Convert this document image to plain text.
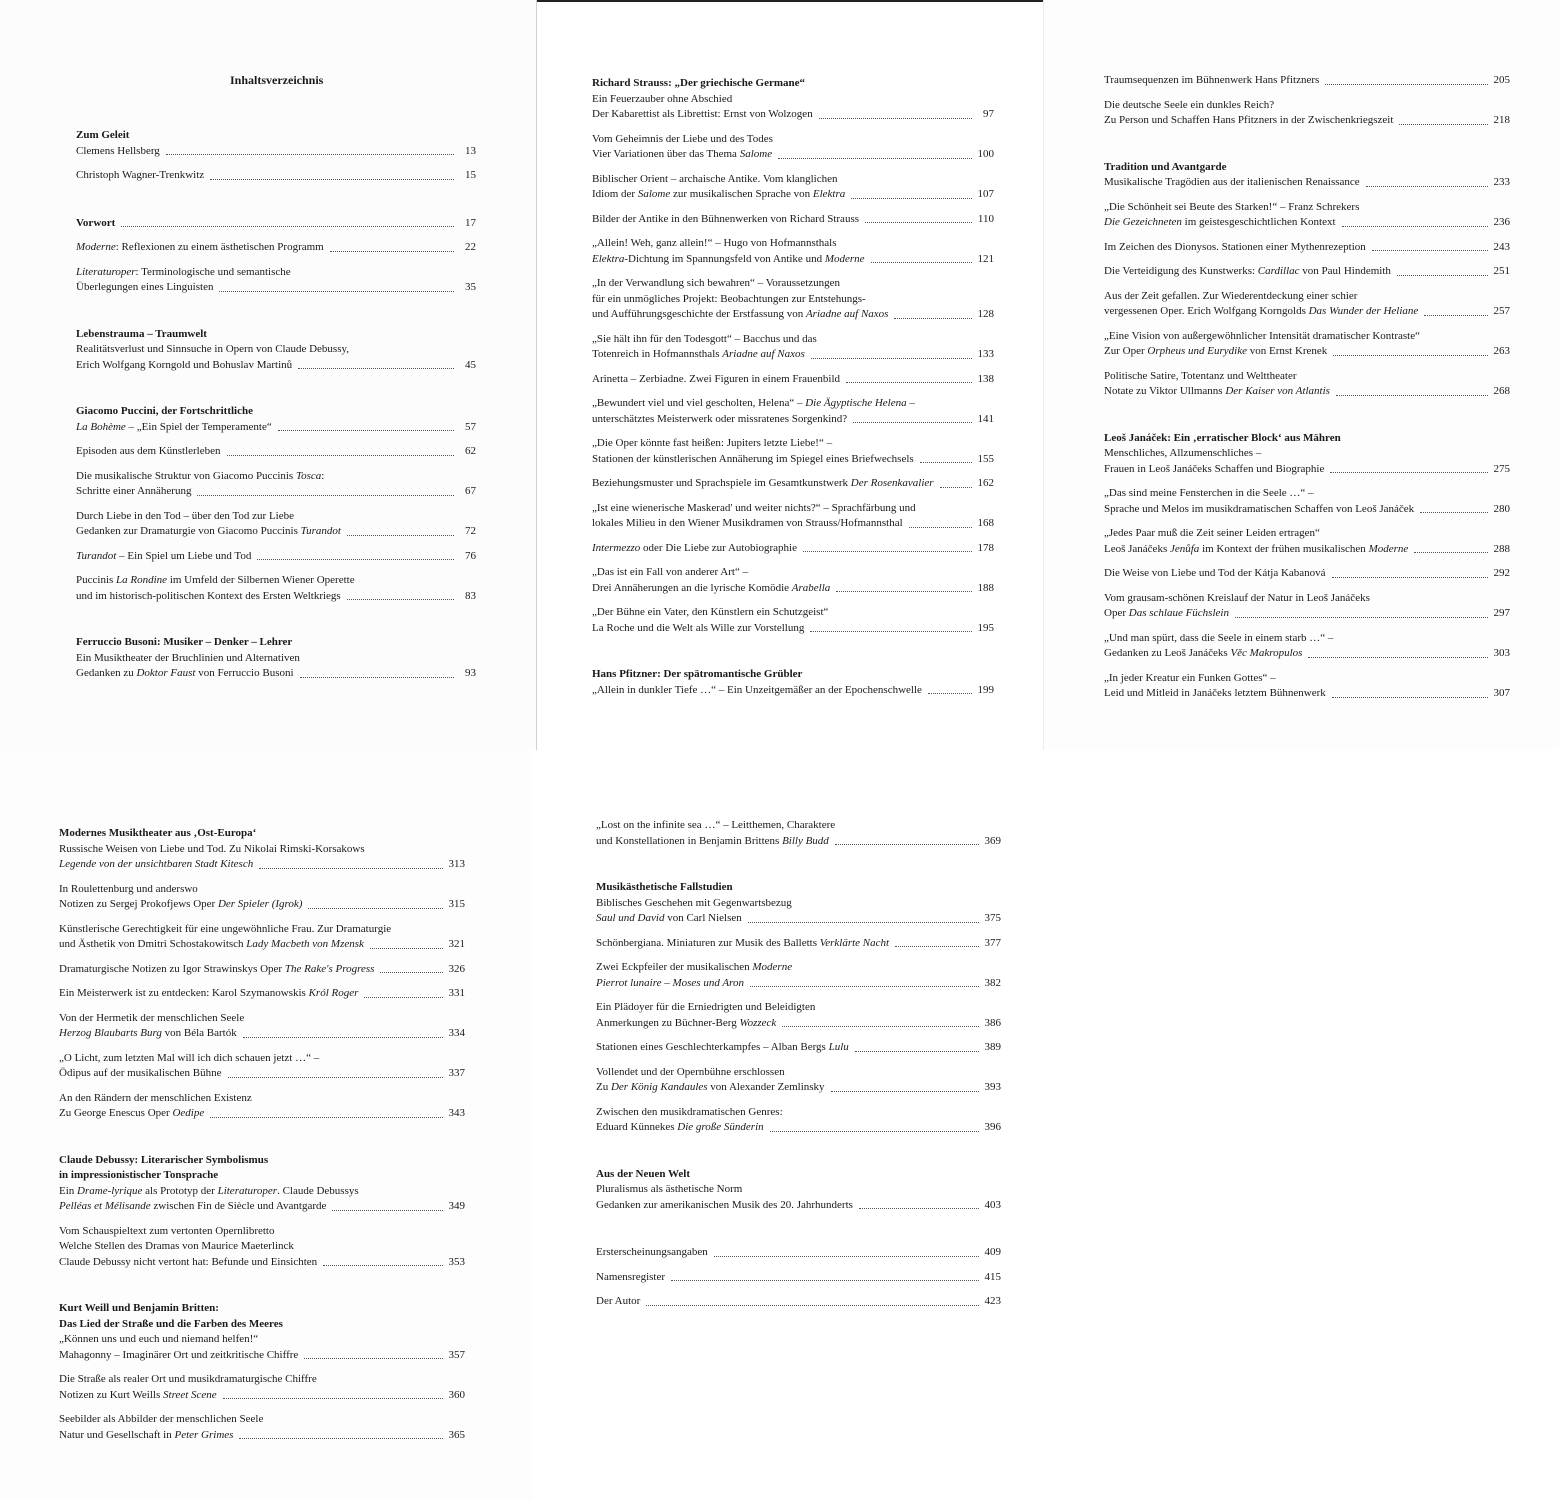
Inhaltsverzeichnis
Zum Geleit
Clemens Hellsberg	13
Christoph Wagner-Trenkwitz	15
Vorwort	17
Moderne: Reflexionen zu einem ästhetischen Programm	22
Literaturoper: Terminologische und semantische
Überlegungen eines Linguisten	35
Lebenstrauma – Traumwelt
Realitätsverlust und Sinnsuche in Opern von Claude Debussy,
Erich Wolfgang Korngold und Bohuslav Martinů	45
Giacomo Puccini, der Fortschrittliche
La Bohème – „Ein Spiel der Temperamente“	57
Episoden aus dem Künstlerleben	62
Die musikalische Struktur von Giacomo Puccinis Tosca:
Schritte einer Annäherung	67
Durch Liebe in den Tod – über den Tod zur Liebe
Gedanken zur Dramaturgie von Giacomo Puccinis Turandot	72
Turandot – Ein Spiel um Liebe und Tod	76
Puccinis La Rondine im Umfeld der Silbernen Wiener Operette
und im historisch-politischen Kontext des Ersten Weltkriegs	83
Ferruccio Busoni: Musiker – Denker – Lehrer
Ein Musiktheater der Bruchlinien und Alternativen
Gedanken zu Doktor Faust von Ferruccio Busoni	93
Richard Strauss: „Der griechische Germane“
Ein Feuerzauber ohne Abschied
Der Kabarettist als Librettist: Ernst von Wolzogen	97
Vom Geheimnis der Liebe und des Todes
Vier Variationen über das Thema Salome	100
Biblischer Orient – archaische Antike. Vom klanglichen
Idiom der Salome zur musikalischen Sprache von Elektra	107
Bilder der Antike in den Bühnenwerken von Richard Strauss	110
„Allein! Weh, ganz allein!“ – Hugo von Hofmannsthals
Elektra-Dichtung im Spannungsfeld von Antike und Moderne	121
„In der Verwandlung sich bewahren“ – Voraussetzungen
für ein unmögliches Projekt: Beobachtungen zur Entstehungs-
und Aufführungsgeschichte der Erstfassung von Ariadne auf Naxos	128
„Sie hält ihn für den Todesgott“ – Bacchus und das
Totenreich in Hofmannsthals Ariadne auf Naxos	133
Arinetta – Zerbiadne. Zwei Figuren in einem Frauenbild	138
„Bewundert viel und viel gescholten, Helena“ – Die Ägyptische Helena –
unterschätztes Meisterwerk oder missratenes Sorgenkind?	141
„Die Oper könnte fast heißen: Jupiters letzte Liebe!“ –
Stationen der künstlerischen Annäherung im Spiegel eines Briefwechsels	155
Beziehungsmuster und Sprachspiele im Gesamtkunstwerk Der Rosenkavalier	162
„Ist eine wienerische Maskerad' und weiter nichts?“ – Sprachfärbung und
lokales Milieu in den Wiener Musikdramen von Strauss/Hofmannsthal	168
Intermezzo oder Die Liebe zur Autobiographie	178
„Das ist ein Fall von anderer Art“ –
Drei Annäherungen an die lyrische Komödie Arabella	188
„Der Bühne ein Vater, den Künstlern ein Schutzgeist“
La Roche und die Welt als Wille zur Vorstellung	195
Hans Pfitzner: Der spätromantische Grübler
„Allein in dunkler Tiefe …“ – Ein Unzeitgemäßer an der Epochenschwelle	199
Traumsequenzen im Bühnenwerk Hans Pfitzners	205
Die deutsche Seele ein dunkles Reich?
Zu Person und Schaffen Hans Pfitzners in der Zwischenkriegszeit	218
Tradition und Avantgarde
Musikalische Tragödien aus der italienischen Renaissance	233
„Die Schönheit sei Beute des Starken!“ – Franz Schrekers
Die Gezeichneten im geistesgeschichtlichen Kontext	236
Im Zeichen des Dionysos. Stationen einer Mythenrezeption	243
Die Verteidigung des Kunstwerks: Cardillac von Paul Hindemith	251
Aus der Zeit gefallen. Zur Wiederentdeckung einer schier
vergessenen Oper. Erich Wolfgang Korngolds Das Wunder der Heliane	257
„Eine Vision von außergewöhnlicher Intensität dramatischer Kontraste“
Zur Oper Orpheus und Eurydike von Ernst Krenek	263
Politische Satire, Totentanz und Welttheater
Notate zu Viktor Ullmanns Der Kaiser von Atlantis	268
Leoš Janáček: Ein ‚erratischer Block‘ aus Mähren
Menschliches, Allzumenschliches –
Frauen in Leoš Janáčeks Schaffen und Biographie	275
„Das sind meine Fensterchen in die Seele …“ –
Sprache und Melos im musikdramatischen Schaffen von Leoš Janáček	280
„Jedes Paar muß die Zeit seiner Leiden ertragen“
Leoš Janáčeks Jenůfa im Kontext der frühen musikalischen Moderne	288
Die Weise von Liebe und Tod der Kátja Kabanová	292
Vom grausam-schönen Kreislauf der Natur in Leoš Janáčeks
Oper Das schlaue Füchslein	297
„Und man spürt, dass die Seele in einem starb …“ –
Gedanken zu Leoš Janáčeks Věc Makropulos	303
„In jeder Kreatur ein Funken Gottes“ –
Leid und Mitleid in Janáčeks letztem Bühnenwerk	307
Modernes Musiktheater aus ‚Ost-Europa‘
Russische Weisen von Liebe und Tod. Zu Nikolai Rimski-Korsakows
Legende von der unsichtbaren Stadt Kitesch	313
In Roulettenburg und anderswo
Notizen zu Sergej Prokofjews Oper Der Spieler (Igrok)	315
Künstlerische Gerechtigkeit für eine ungewöhnliche Frau. Zur Dramaturgie
und Ästhetik von Dmitri Schostakowitsch Lady Macbeth von Mzensk	321
Dramaturgische Notizen zu Igor Strawinskys Oper The Rake's Progress	326
Ein Meisterwerk ist zu entdecken: Karol Szymanowskis Król Roger	331
Von der Hermetik der menschlichen Seele
Herzog Blaubarts Burg von Béla Bartók	334
„O Licht, zum letzten Mal will ich dich schauen jetzt …“ –
Ödipus auf der musikalischen Bühne	337
An den Rändern der menschlichen Existenz
Zu George Enescus Oper Oedipe	343
Claude Debussy: Literarischer Symbolismus
in impressionistischer Tonsprache
Ein Drame-lyrique als Prototyp der Literaturoper. Claude Debussys
Pelléas et Mélisande zwischen Fin de Siècle und Avantgarde	349
Vom Schauspieltext zum vertonten Opernlibretto
Welche Stellen des Dramas von Maurice Maeterlinck
Claude Debussy nicht vertont hat: Befunde und Einsichten	353
Kurt Weill und Benjamin Britten:
Das Lied der Straße und die Farben des Meeres
„Können uns und euch und niemand helfen!“
Mahagonny – Imaginärer Ort und zeitkritische Chiffre	357
Die Straße als realer Ort und musikdramaturgische Chiffre
Notizen zu Kurt Weills Street Scene	360
Seebilder als Abbilder der menschlichen Seele
Natur und Gesellschaft in Peter Grimes	365
„Lost on the infinite sea …“ – Leitthemen, Charaktere
und Konstellationen in Benjamin Brittens Billy Budd	369
Musikästhetische Fallstudien
Biblisches Geschehen mit Gegenwartsbezug
Saul und David von Carl Nielsen	375
Schönbergiana. Miniaturen zur Musik des Balletts Verklärte Nacht	377
Zwei Eckpfeiler der musikalischen Moderne
Pierrot lunaire – Moses und Aron	382
Ein Plädoyer für die Erniedrigten und Beleidigten
Anmerkungen zu Büchner-Berg Wozzeck	386
Stationen eines Geschlechterkampfes – Alban Bergs Lulu	389
Vollendet und der Opernbühne erschlossen
Zu Der König Kandaules von Alexander Zemlinsky	393
Zwischen den musikdramatischen Genres:
Eduard Künnekes Die große Sünderin	396
Aus der Neuen Welt
Pluralismus als ästhetische Norm
Gedanken zur amerikanischen Musik des 20. Jahrhunderts	403
Ersterscheinungsangaben	409
Namensregister	415
Der Autor	423
